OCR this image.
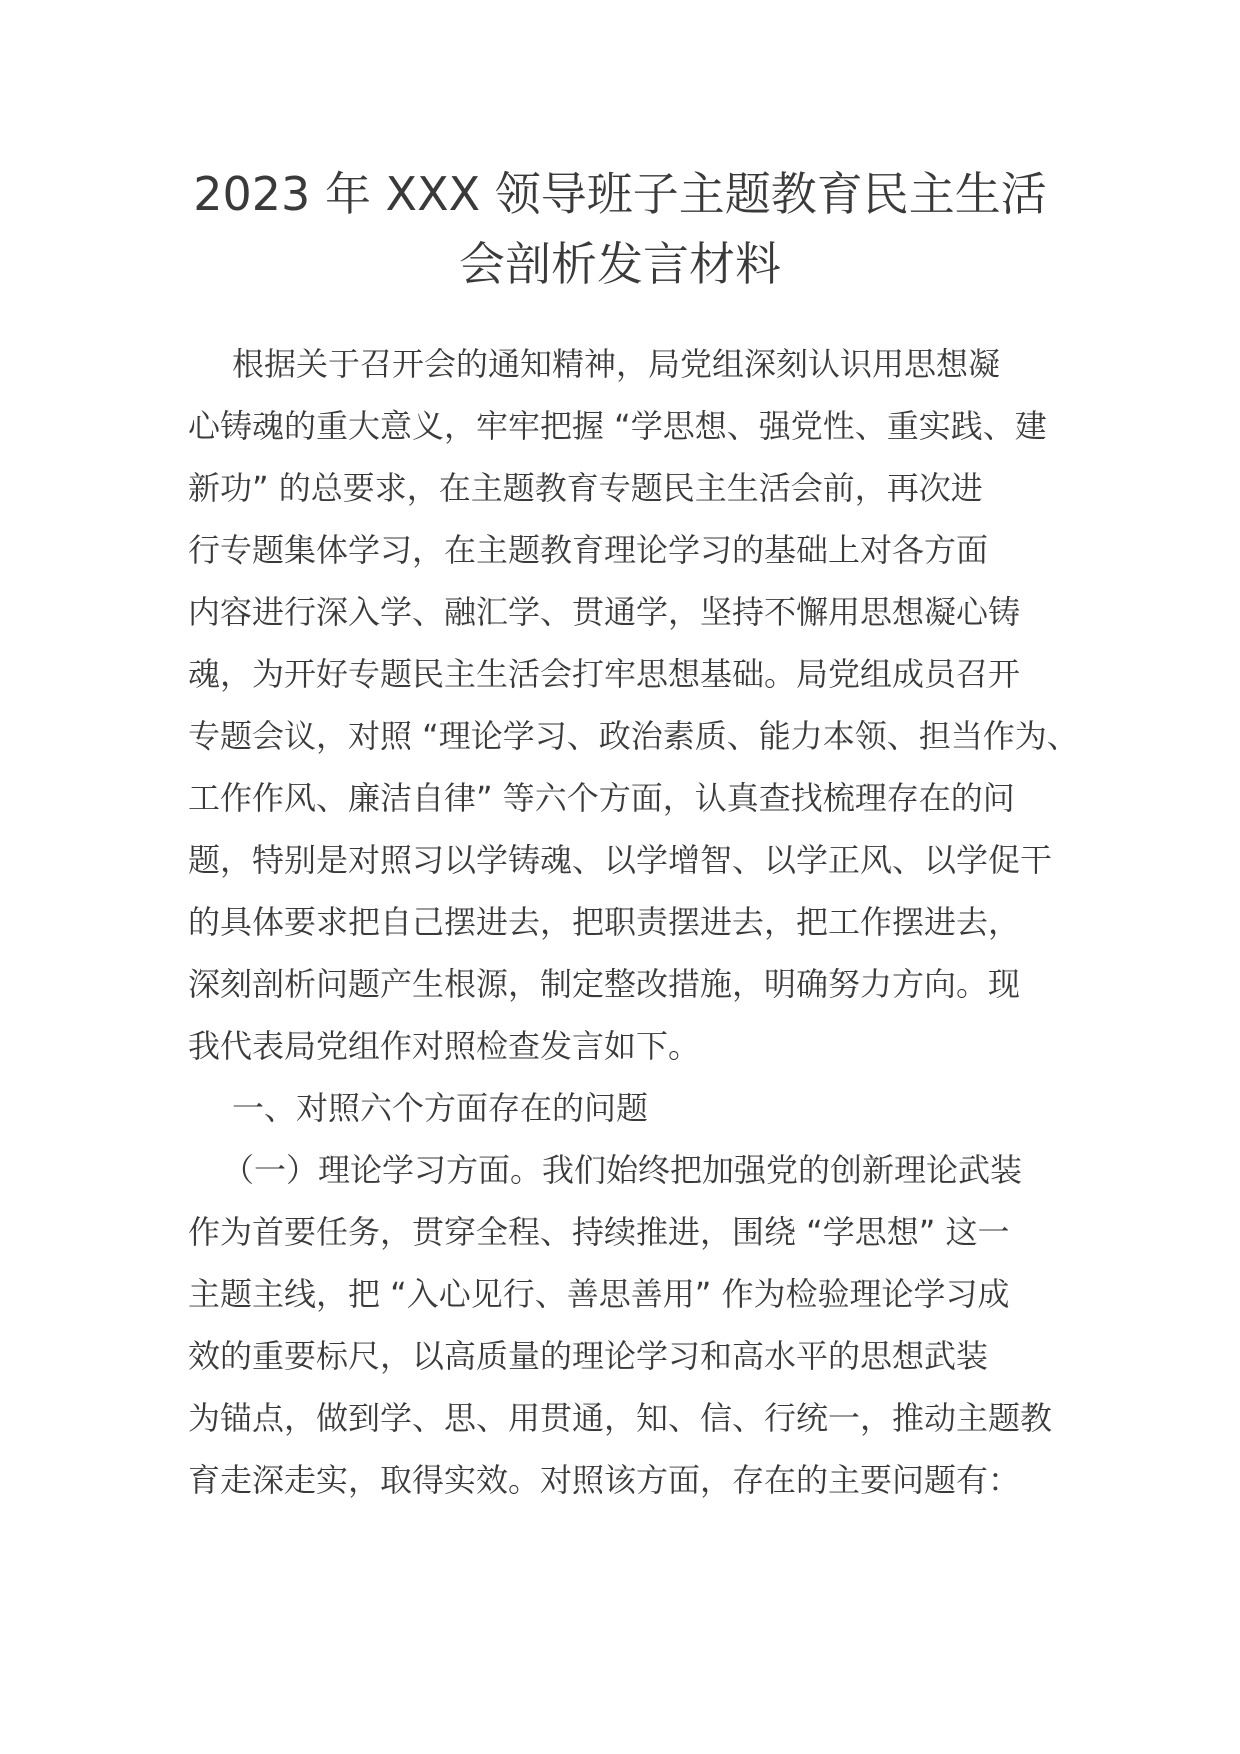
2023 年 XXX 领导班子主题教育民主生活
会剖析发言材料

根据关于召开会的通知精神，局党组深刻认识用思想凝

心铸魂的重大意义，牢牢把握 “学思想、强党性、重实践、建

新功” 的总要求，在主题教育专题民主生活会前，再次进

行专题集体学习，在主题教育理论学习的基础上对各方面

内容进行深入学、融汇学、贯通学，坚持不懈用思想凝心铸

魂，为开好专题民主生活会打牢思想基础。局党组成员召开

专题会议，对照 “理论学习、政治素质、能力本领、担当作为、

工作作风、廉洁自律” 等六个方面，认真查找梳理存在的问

题，特别是对照习以学铸魂、以学增智、以学正风、以学促干

的具体要求把自己摆进去，把职责摆进去，把工作摆进去，

深刻剖析问题产生根源，制定整改措施，明确努力方向。现

我代表局党组作对照检查发言如下。

一、对照六个方面存在的问题

（一）理论学习方面。我们始终把加强党的创新理论武装

作为首要任务，贯穿全程、持续推进，围绕 “学思想” 这一

主题主线，把 “入心见行、善思善用” 作为检验理论学习成

效的重要标尺，以高质量的理论学习和高水平的思想武装

为锚点，做到学、思、用贯通，知、信、行统一，推动主题教

育走深走实，取得实效。对照该方面，存在的主要问题有：
